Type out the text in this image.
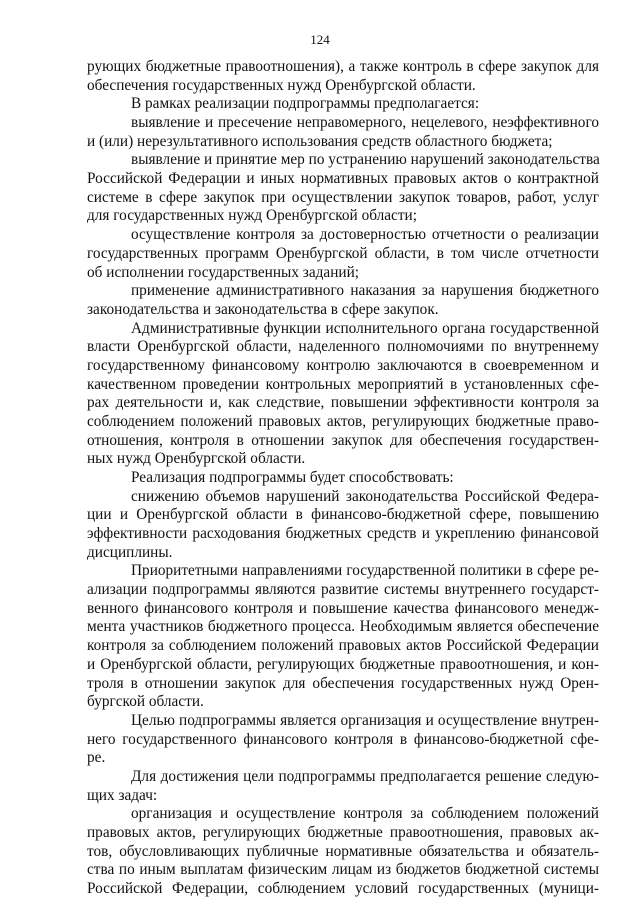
124
рующих бюджетные правоотношения), а также контроль в сфере закупок для
обеспечения государственных нужд Оренбургской области.
В рамках реализации подпрограммы предполагается:
выявление и пресечение неправомерного, нецелевого, неэффективного
и (или) нерезультативного использования средств областного бюджета;
выявление и принятие мер по устранению нарушений законодательства
Российской Федерации и иных нормативных правовых актов о контрактной
системе в сфере закупок при осуществлении закупок товаров, работ, услуг
для государственных нужд Оренбургской области;
осуществление контроля за достоверностью отчетности о реализации
государственных программ Оренбургской области, в том числе отчетности
об исполнении государственных заданий;
применение административного наказания за нарушения бюджетного
законодательства и законодательства в сфере закупок.
Административные функции исполнительного органа государственной
власти Оренбургской области, наделенного полномочиями по внутреннему
государственному финансовому контролю заключаются в своевременном и
качественном проведении контрольных мероприятий в установленных сфе-
рах деятельности и, как следствие, повышении эффективности контроля за
соблюдением положений правовых актов, регулирующих бюджетные право-
отношения, контроля в отношении закупок для обеспечения государствен-
ных нужд Оренбургской области.
Реализация подпрограммы будет способствовать:
снижению объемов нарушений законодательства Российской Федера-
ции и Оренбургской области в финансово-бюджетной сфере, повышению
эффективности расходования бюджетных средств и укреплению финансовой
дисциплины.
Приоритетными направлениями государственной политики в сфере ре-
ализации подпрограммы являются развитие системы внутреннего государст-
венного финансового контроля и повышение качества финансового менедж-
мента участников бюджетного процесса. Необходимым является обеспечение
контроля за соблюдением положений правовых актов Российской Федерации
и Оренбургской области, регулирующих бюджетные правоотношения, и кон-
троля в отношении закупок для обеспечения государственных нужд Орен-
бургской области.
Целью подпрограммы является организация и осуществление внутрен-
него государственного финансового контроля в финансово-бюджетной сфе-
ре.
Для достижения цели подпрограммы предполагается решение следую-
щих задач:
организация и осуществление контроля за соблюдением положений
правовых актов, регулирующих бюджетные правоотношения, правовых ак-
тов, обусловливающих публичные нормативные обязательства и обязатель-
ства по иным выплатам физическим лицам из бюджетов бюджетной системы
Российской Федерации, соблюдением условий государственных (муници-
